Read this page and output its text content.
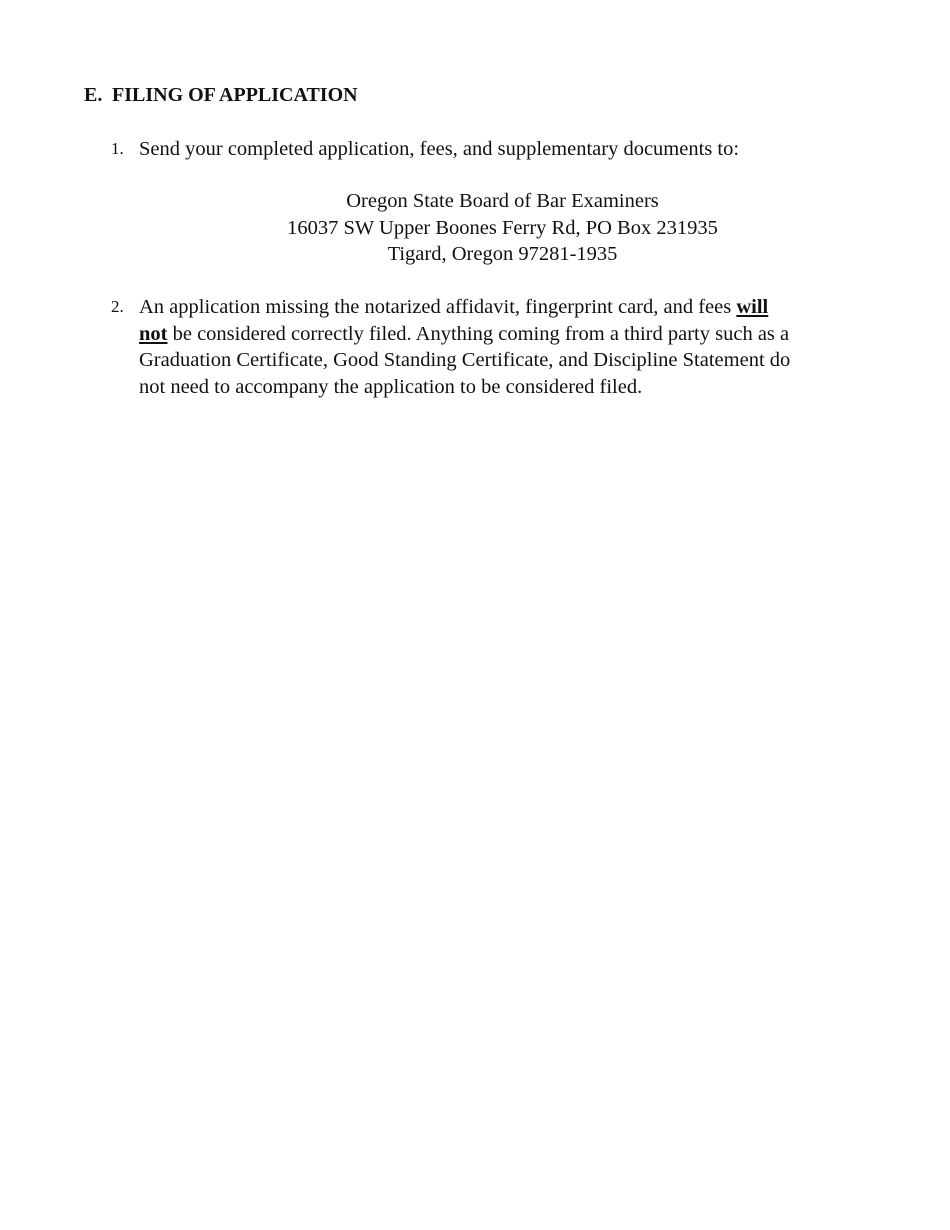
E. FILING OF APPLICATION
1. Send your completed application, fees, and supplementary documents to:
Oregon State Board of Bar Examiners
16037 SW Upper Boones Ferry Rd, PO Box 231935
Tigard, Oregon 97281-1935
2. An application missing the notarized affidavit, fingerprint card, and fees will
not be considered correctly filed. Anything coming from a third party such as a
Graduation Certificate, Good Standing Certificate, and Discipline Statement do
not need to accompany the application to be considered filed.
